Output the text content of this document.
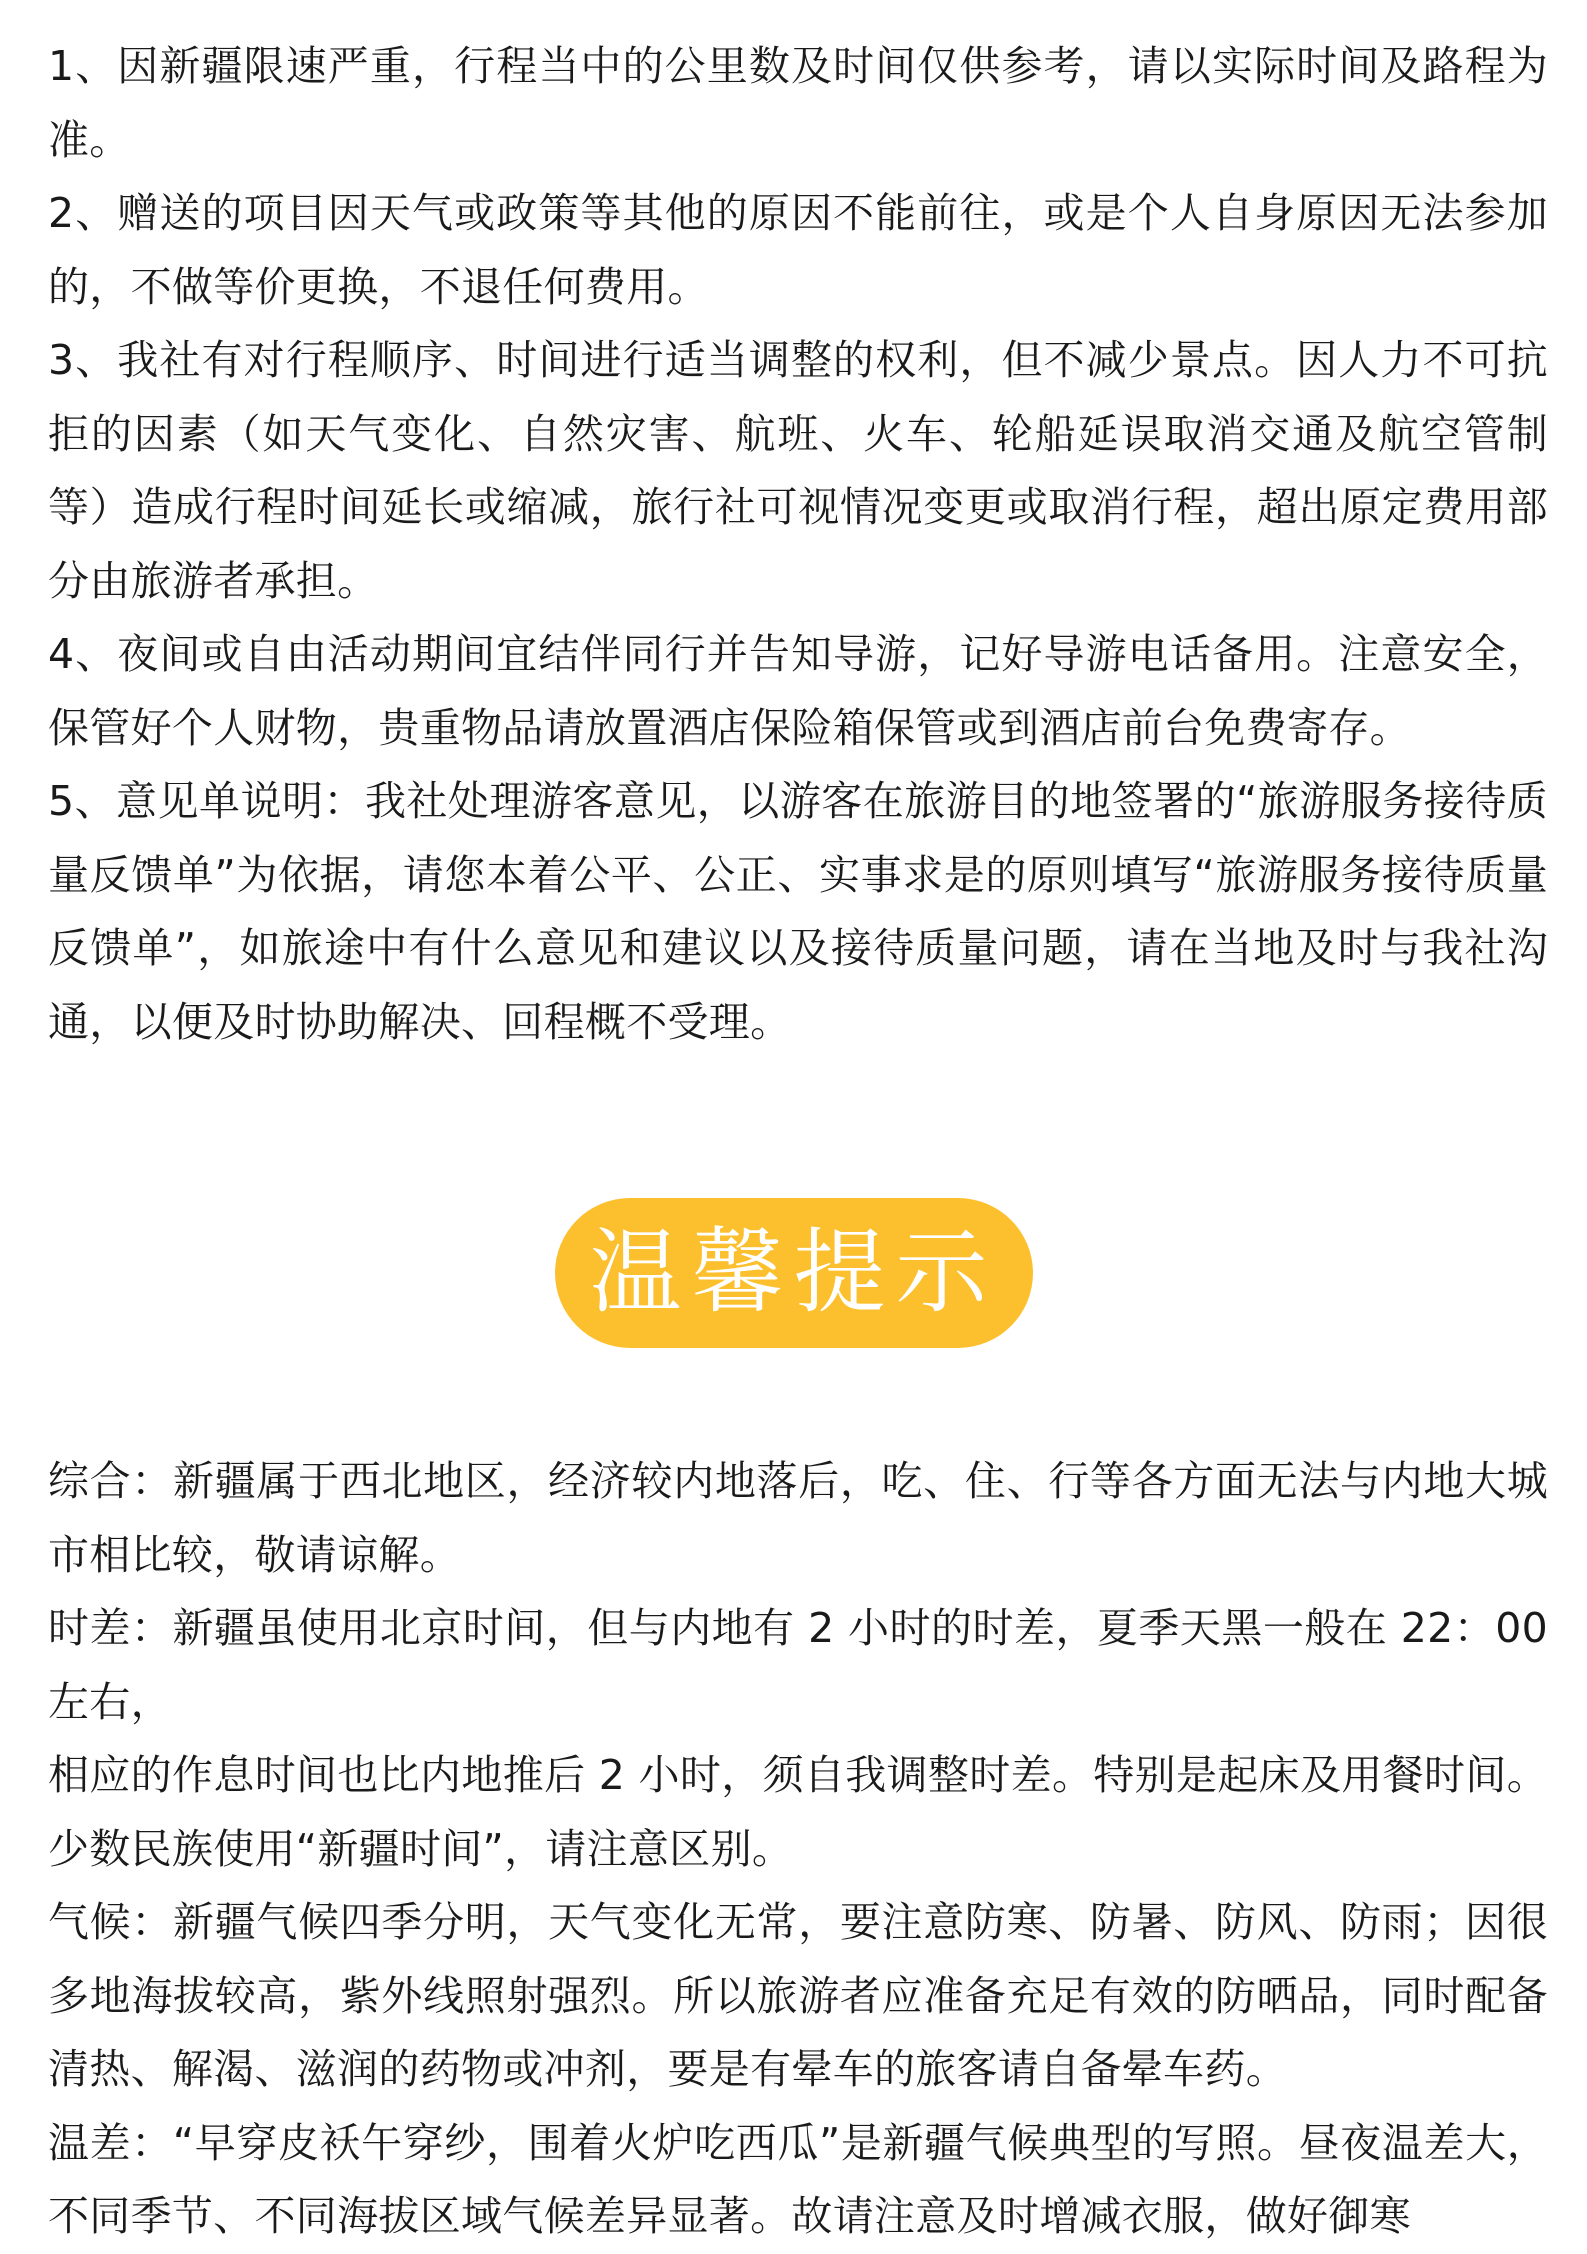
1、因新疆限速严重，行程当中的公里数及时间仅供参考，请以实际时间及路程为准。

2、赠送的项目因天气或政策等其他的原因不能前往，或是个人自身原因无法参加的，不做等价更换，不退任何费用。

3、我社有对行程顺序、时间进行适当调整的权利，但不减少景点。因人力不可抗拒的因素（如天气变化、自然灾害、航班、火车、轮船延误取消交通及航空管制等）造成行程时间延长或缩减，旅行社可视情况变更或取消行程，超出原定费用部分由旅游者承担。

4、夜间或自由活动期间宜结伴同行并告知导游，记好导游电话备用。注意安全，保管好个人财物，贵重物品请放置酒店保险箱保管或到酒店前台免费寄存。

5、意见单说明：我社处理游客意见，以游客在旅游目的地签署的“旅游服务接待质量反馈单”为依据，请您本着公平、公正、实事求是的原则填写“旅游服务接待质量反馈单”，如旅途中有什么意见和建议以及接待质量问题，请在当地及时与我社沟通，以便及时协助解决、回程概不受理。

温馨提示

综合：新疆属于西北地区，经济较内地落后，吃、住、行等各方面无法与内地大城市相比较，敬请谅解。

时差：新疆虽使用北京时间，但与内地有 2 小时的时差，夏季天黑一般在 22：00 左右，

相应的作息时间也比内地推后 2 小时，须自我调整时差。特别是起床及用餐时间。少数民族使用“新疆时间”，请注意区别。

气候：新疆气候四季分明，天气变化无常，要注意防寒、防暑、防风、防雨；因很多地海拔较高，紫外线照射强烈。所以旅游者应准备充足有效的防晒品，同时配备清热、解渴、滋润的药物或冲剂，要是有晕车的旅客请自备晕车药。

温差：“早穿皮袄午穿纱，围着火炉吃西瓜”是新疆气候典型的写照。昼夜温差大，不同季节、不同海拔区域气候差异显著。故请注意及时增减衣服，做好御寒
